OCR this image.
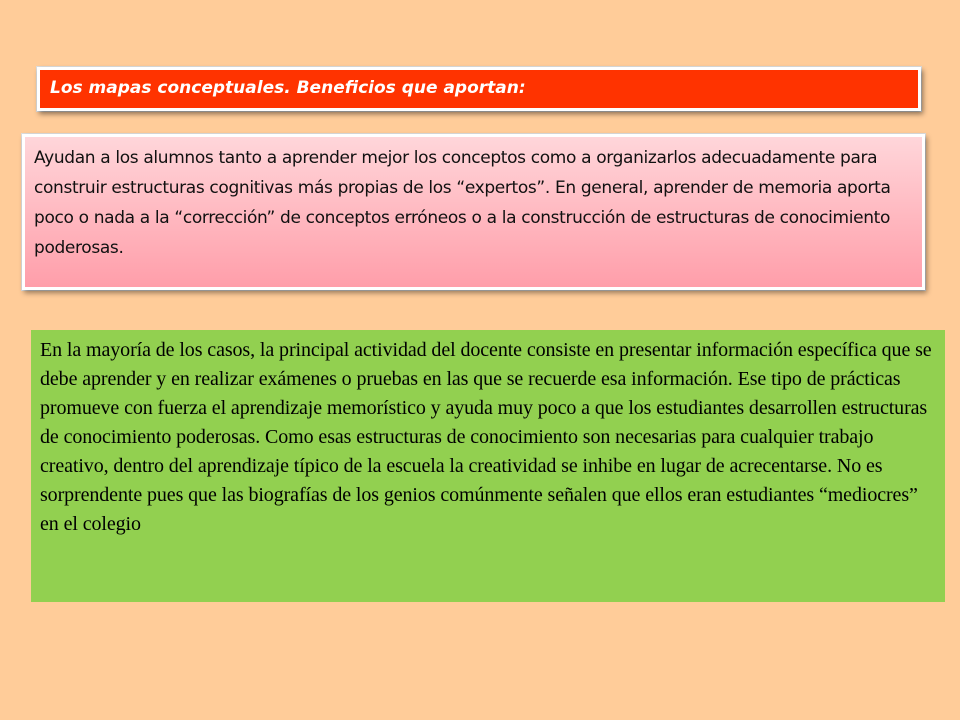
Los mapas conceptuales. Beneficios que aportan:

Ayudan a los alumnos tanto a aprender mejor los conceptos como a organizarlos adecuadamente para construir estructuras cognitivas más propias de los “expertos”. En general, aprender de memoria aporta poco o nada a la “corrección” de conceptos erróneos o a la construcción de estructuras de conocimiento poderosas.

En la mayoría de los casos, la principal actividad del docente consiste en presentar información específica que se debe aprender y en realizar exámenes o pruebas en las que se recuerde esa información. Ese tipo de prácticas promueve con fuerza el aprendizaje memorístico y ayuda muy poco a que los estudiantes desarrollen estructuras de conocimiento poderosas. Como esas estructuras de conocimiento son necesarias para cualquier trabajo creativo, dentro del aprendizaje típico de la escuela la creatividad se inhibe en lugar de acrecentarse. No es sorprendente pues que las biografías de los genios comúnmente señalen que ellos eran estudiantes “mediocres” en el colegio
